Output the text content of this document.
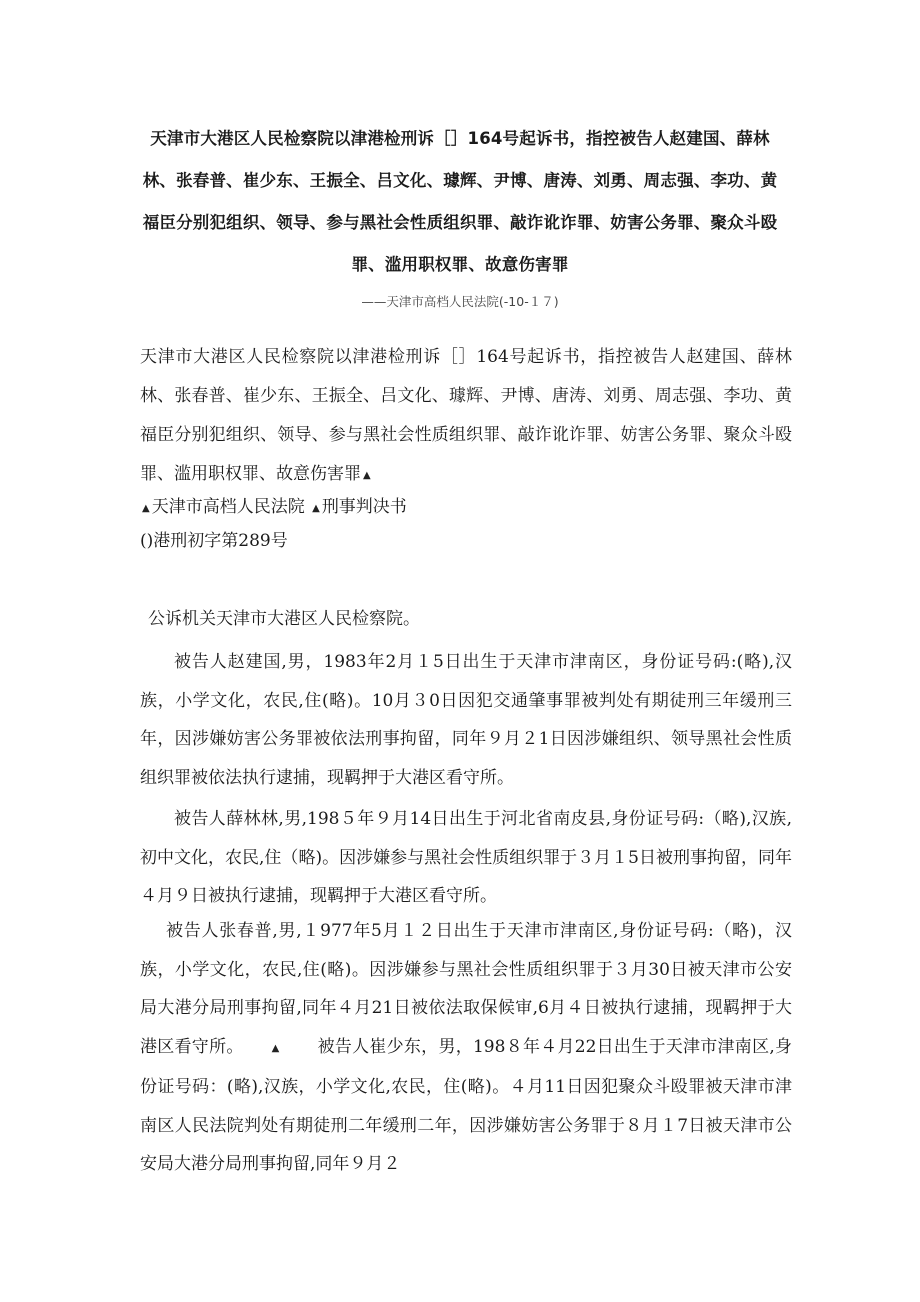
天津市大港区人民检察院以津港检刑诉［］164号起诉书，指控被告人赵建国、薛林林、张春普、崔少东、王振全、吕文化、璩辉、尹博、唐涛、刘勇、周志强、李功、黄福臣分别犯组织、领导、参与黑社会性质组织罪、敲诈讹诈罪、妨害公务罪、聚众斗殴罪、滥用职权罪、故意伤害罪
——天津市高档人民法院(-10-１７)
天津市大港区人民检察院以津港检刑诉［］164号起诉书，指控被告人赵建国、薛林林、张春普、崔少东、王振全、吕文化、璩辉、尹博、唐涛、刘勇、周志强、李功、黄福臣分别犯组织、领导、参与黑社会性质组织罪、敲诈讹诈罪、妨害公务罪、聚众斗殴罪、滥用职权罪、故意伤害罪 ▲
▲ 天津市高档人民法院 ▲ 刑事判决书
()港刑初字第289号
公诉机关天津市大港区人民检察院。
被告人赵建国,男，1983年2月１5日出生于天津市津南区，身份证号码:(略),汉族，小学文化，农民,住(略)。10月３0日因犯交通肇事罪被判处有期徒刑三年缓刑三年，因涉嫌妨害公务罪被依法刑事拘留，同年９月２1日因涉嫌组织、领导黑社会性质组织罪被依法执行逮捕，现羁押于大港区看守所。
被告人薛林林,男,198５年９月14日出生于河北省南皮县,身份证号码:（略),汉族,初中文化，农民,住（略)。因涉嫌参与黑社会性质组织罪于３月１5日被刑事拘留，同年４月９日被执行逮捕，现羁押于大港区看守所。
被告人张春普,男,１977年5月１２日出生于天津市津南区,身份证号码:（略)，汉族，小学文化，农民,住(略)。因涉嫌参与黑社会性质组织罪于３月30日被天津市公安局大港分局刑事拘留,同年４月21日被依法取保候审,6月４日被执行逮捕，现羁押于大港区看守所。	▲ 被告人崔少东，男，198８年４月22日出生于天津市津南区,身份证号码：(略),汉族，小学文化,农民，住(略)。４月11日因犯聚众斗殴罪被天津市津南区人民法院判处有期徒刑二年缓刑二年，因涉嫌妨害公务罪于８月１7日被天津市公安局大港分局刑事拘留,同年９月２
